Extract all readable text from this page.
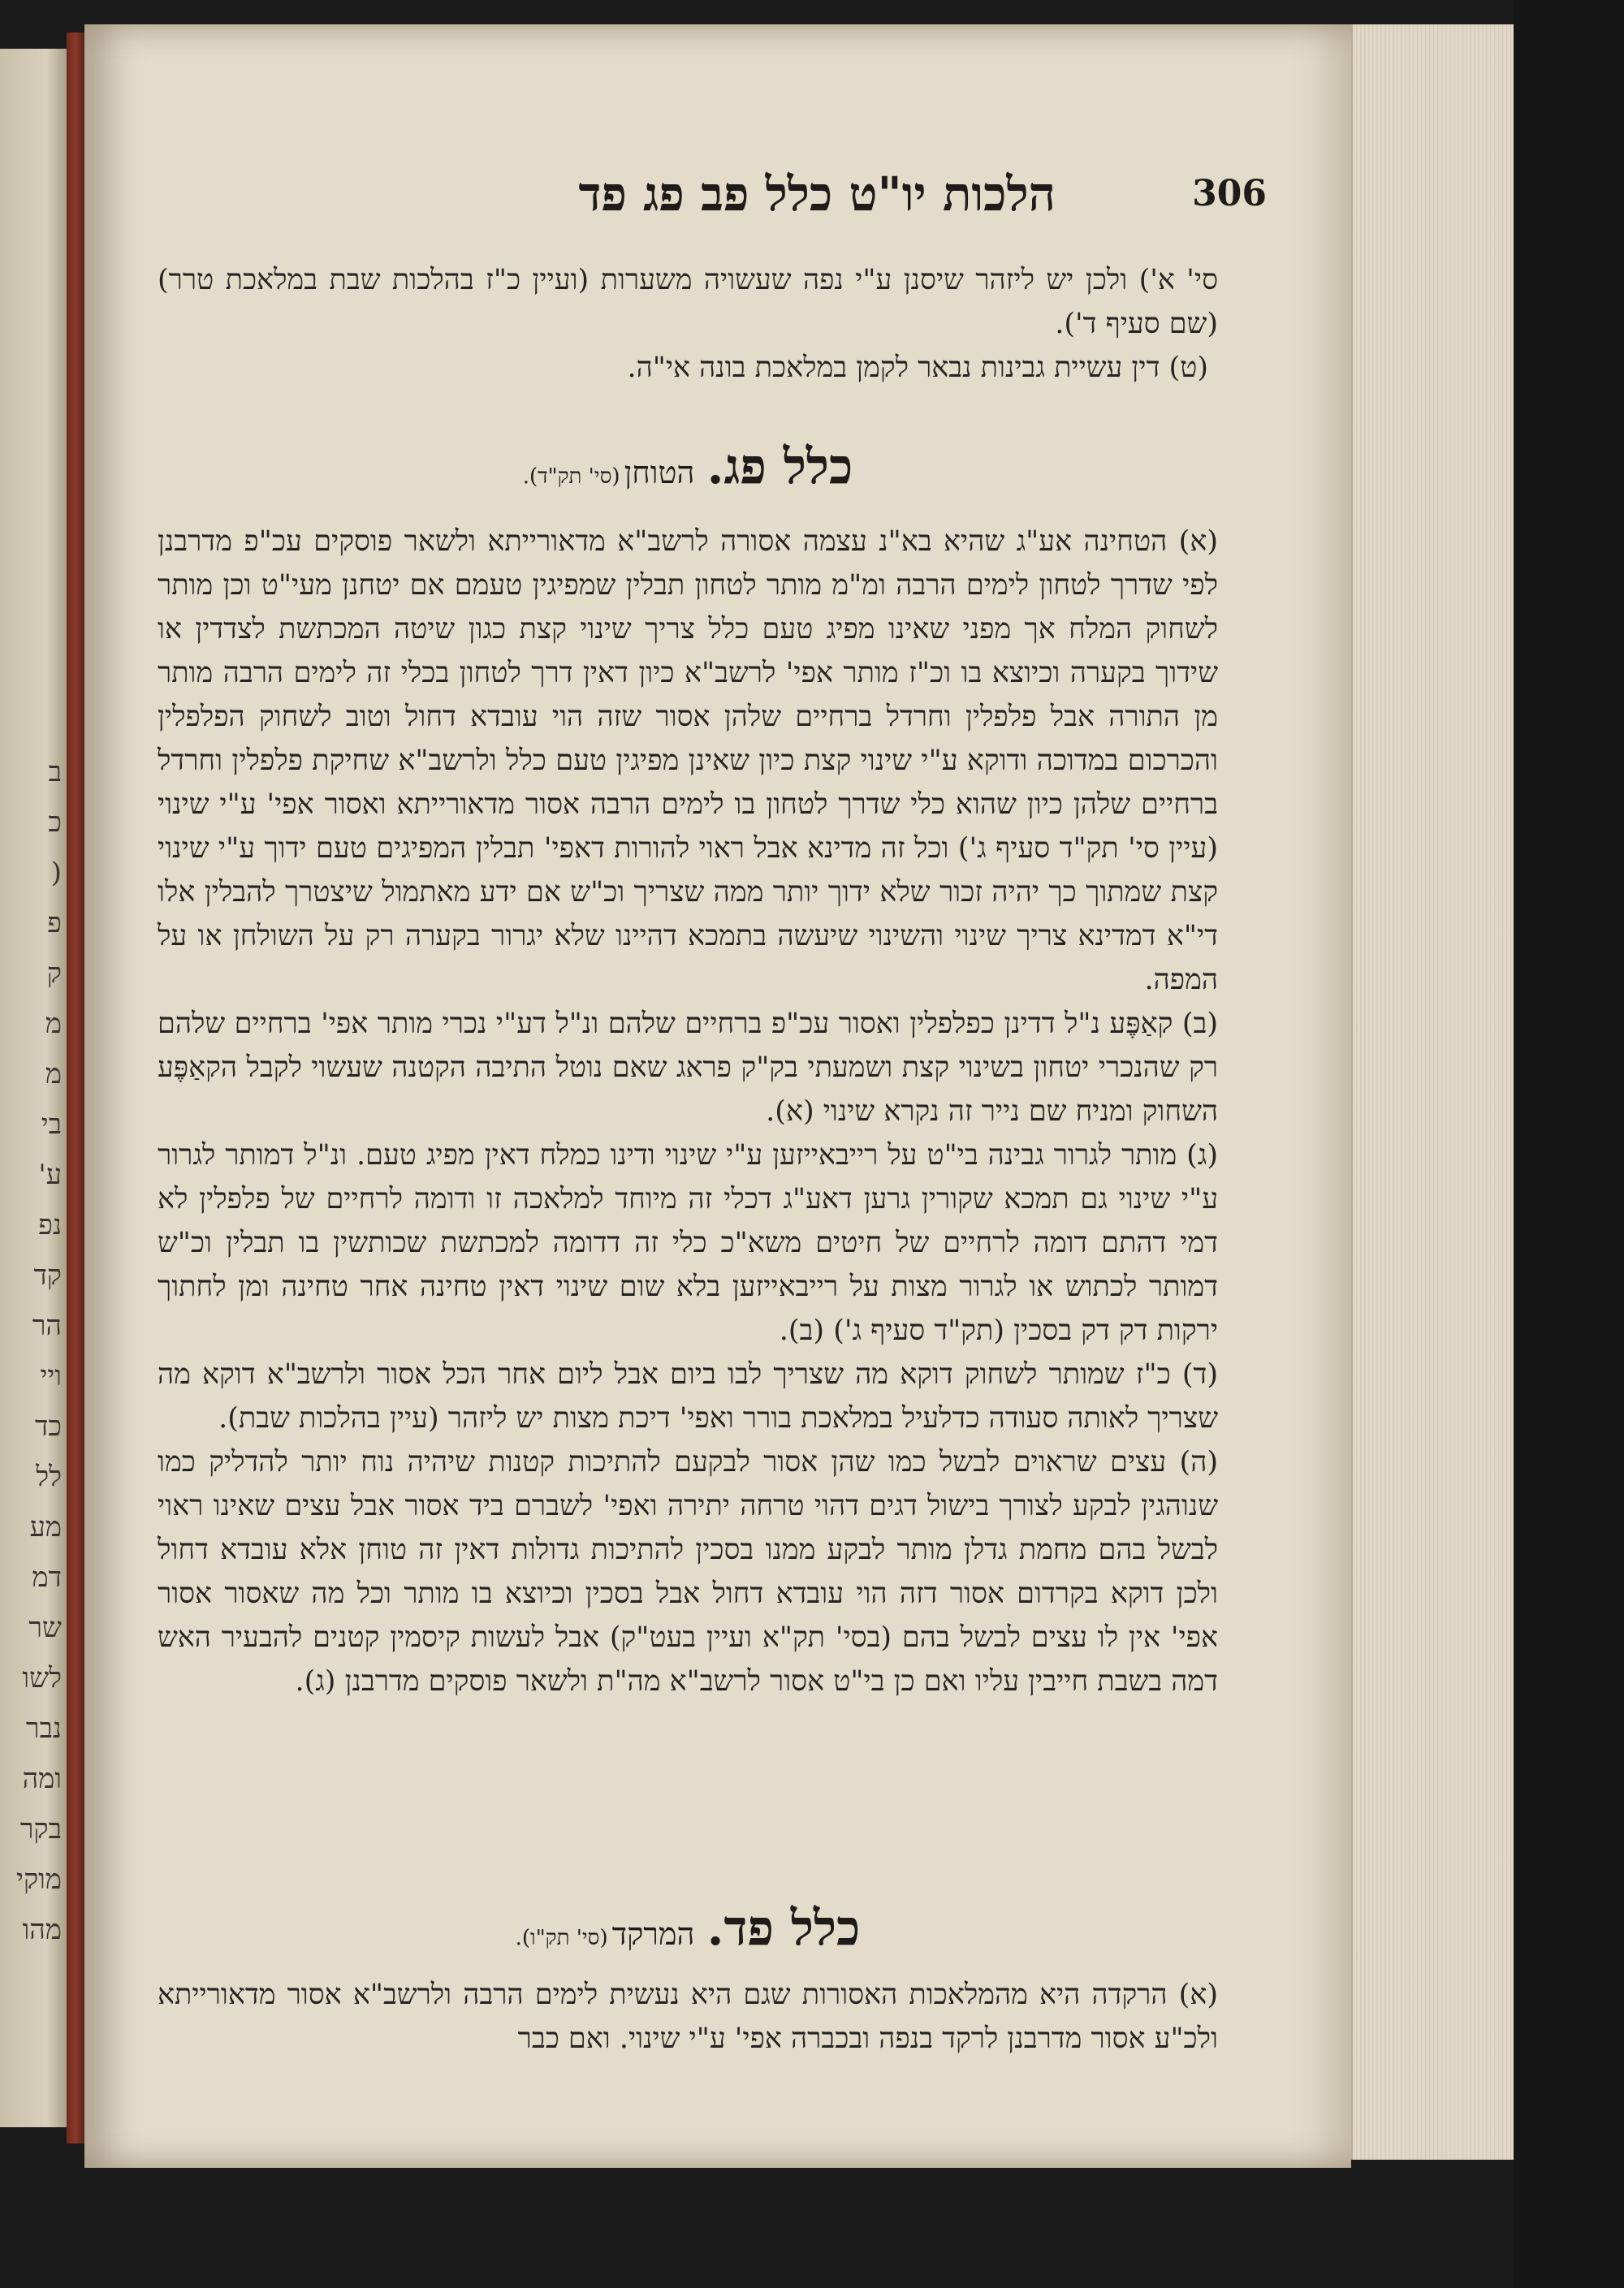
ב
כ
(
פ
ק
מ
מ
בי
ע'
נפ
קד
הר
ויי
כד
לל
מע
דמ
שר
לשו
נבר
ומה
בקר
מוקי
מהו
הלכות יו"ט כלל פב פג פד	306

סי' א') ולכן יש ליזהר שיסנן ע"י נפה שעשויה משערות (ועיין כ"ז בהלכות שבת במלאכת טרר) (שם סעיף ד').

(ט) דין עשיית גבינות נבאר לקמן במלאכת בונה אי"ה.

כלל פג.   הטוחן (סי' תק"ד).

(א) הטחינה אע"ג שהיא בא"נ עצמה אסורה לרשב"א מדאורייתא ולשאר פוסקים עכ"פ מדרבנן לפי שדרך לטחון לימים הרבה ומ"מ מותר לטחון תבלין שמפיגין טעמם אם יטחנן מעי"ט וכן מותר לשחוק המלח אך מפני שאינו מפיג טעם כלל צריך שינוי קצת כגון שיטה המכתשת לצדדין או שידוך בקערה וכיוצא בו וכ"ז מותר אפי' לרשב"א כיון דאין דרך לטחון בכלי זה לימים הרבה מותר מן התורה אבל פלפלין וחרדל ברחיים שלהן אסור שזה הוי עובדא דחול וטוב לשחוק הפלפלין והכרכום במדוכה ודוקא ע"י שינוי קצת כיון שאינן מפיגין טעם כלל ולרשב"א שחיקת פלפלין וחרדל ברחיים שלהן כיון שהוא כלי שדרך לטחון בו לימים הרבה אסור מדאורייתא ואסור אפי' ע"י שינוי (עיין סי' תק"ד סעיף ג') וכל זה מדינא אבל ראוי להורות דאפי' תבלין המפיגים טעם ידוך ע"י שינוי קצת שמתוך כך יהיה זכור שלא ידוך יותר ממה שצריך וכ"ש אם ידע מאתמול שיצטרך להבלין אלו די"א דמדינא צריך שינוי והשינוי שיעשה בתמכא דהיינו שלא יגרור בקערה רק על השולחן או על המפה.

(ב) קאַפֶּע נ"ל דדינן כפלפלין ואסור עכ"פ ברחיים שלהם ונ"ל דע"י נכרי מותר אפי' ברחיים שלהם רק שהנכרי יטחון בשינוי קצת ושמעתי בק"ק פראג שאם נוטל התיבה הקטנה שעשוי לקבל הקאַפֶּע השחוק ומניח שם נייר זה נקרא שינוי (א).

(ג) מותר לגרור גבינה בי"ט על רייבאייזען ע"י שינוי ודינו כמלח דאין מפיג טעם. ונ"ל דמותר לגרור ע"י שינוי גם תמכא שקורין גרען דאע"ג דכלי זה מיוחד למלאכה זו ודומה לרחיים של פלפלין לא דמי דהתם דומה לרחיים של חיטים משא"כ כלי זה דדומה למכתשת שכותשין בו תבלין וכ"ש דמותר לכתוש או לגרור מצות על רייבאייזען בלא שום שינוי דאין טחינה אחר טחינה ומן לחתוך ירקות דק דק בסכין (תק"ד סעיף ג') (ב).

(ד) כ"ז שמותר לשחוק דוקא מה שצריך לבו ביום אבל ליום אחר הכל אסור ולרשב"א דוקא מה שצריך לאותה סעודה כדלעיל במלאכת בורר ואפי' דיכת מצות יש ליזהר (עיין בהלכות שבת).

(ה) עצים שראוים לבשל כמו שהן אסור לבקעם להתיכות קטנות שיהיה נוח יותר להדליק כמו שנוהגין לבקע לצורך בישול דגים דהוי טרחה יתירה ואפי' לשברם ביד אסור אבל עצים שאינו ראוי לבשל בהם מחמת גדלן מותר לבקע ממנו בסכין להתיכות גדולות דאין זה טוחן אלא עובדא דחול ולכן דוקא בקרדום אסור דזה הוי עובדא דחול אבל בסכין וכיוצא בו מותר וכל מה שאסור אסור אפי' אין לו עצים לבשל בהם (בסי' תק"א ועיין בעט"ק) אבל לעשות קיסמין קטנים להבעיר האש דמה בשבת חייבין עליו ואם כן בי"ט אסור לרשב"א מה"ת ולשאר פוסקים מדרבנן (ג).

כלל פד.   המרקד (סי' תק"ו).

(א) הרקדה היא מהמלאכות האסורות שגם היא נעשית לימים הרבה ולרשב"א אסור מדאורייתא ולכ"ע אסור מדרבנן לרקד בנפה ובכברה אפי' ע"י שינוי. ואם כבר
